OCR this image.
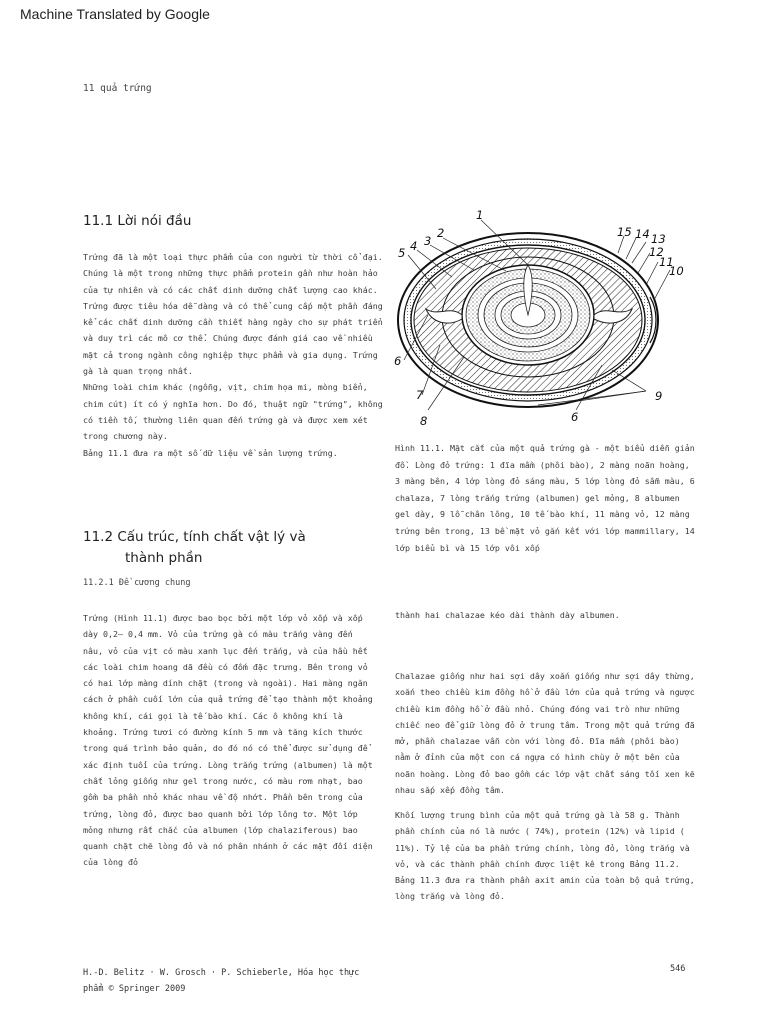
Machine Translated by Google
11 quả trứng
11.1 Lời nói đầu

Trứng đã là một loại thực phẩm của con người từ thời cổ đại. Chúng là một trong những thực phẩm protein gần như hoàn hảo của tự nhiên và có các chất dinh dưỡng chất lượng cao khác. Trứng được tiêu hóa dễ dàng và có thể cung cấp một phần đáng kể các chất dinh dưỡng cần thiết hàng ngày cho sự phát triển và duy trì các mô cơ thể. Chúng được đánh giá cao về nhiều mặt cả trong ngành công nghiệp thực phẩm và gia dụng. Trứng gà là quan trọng nhất.

Những loài chim khác (ngỗng, vịt, chim họa mi, mòng biển, chim cút) ít có ý nghĩa hơn. Do đó, thuật ngữ "trứng", không có tiền tố, thường liên quan đến trứng gà và được xem xét trong chương này.

Bảng 11.1 đưa ra một số dữ liệu về sản lượng trứng.

1
2
3
4
5
6
7
8	6
9
10
11
12
13
14
15
Hình 11.1. Mặt cắt của một quả trứng gà - một biểu diễn giản đồ. Lòng đỏ trứng: 1 đĩa mầm (phôi bào), 2 màng noãn hoàng, 3 màng bên, 4 lớp lòng đỏ sáng màu, 5 lớp lòng đỏ sẫm màu, 6 chalaza, 7 lòng trắng trứng (albumen) gel mỏng, 8 albumen gel dày, 9 lỗ chân lông, 10 tế bào khí, 11 màng vỏ, 12 màng trứng bên trong, 13 bề mặt vỏ gắn kết với lớp mammillary, 14 lớp biểu bì và 15 lớp vôi xốp
11.2 Cấu trúc, tính chất vật lý và
thành phần
11.2.1 Đề cương chung
Trứng (Hình 11.1) được bao bọc bởi một lớp vỏ xốp và xốp dày 0,2– 0,4 mm. Vỏ của trứng gà có màu trắng vàng đến nâu, vỏ của vịt có màu xanh lục đến trắng, và của hầu hết các loài chim hoang dã đều có đốm đặc trưng. Bên trong vỏ có hai lớp màng dính chặt (trong và ngoài). Hai màng ngăn cách ở phần cuối lớn của quả trứng để tạo thành một khoảng không khí, cái gọi là tế bào khí. Các ô không khí là khoảng. Trứng tươi có đường kính 5 mm và tăng kích thước trong quá trình bảo quản, do đó nó có thể được sử dụng để xác định tuổi của trứng. Lòng trắng trứng (albumen) là một chất lỏng giống như gel trong nước, có màu rơm nhạt, bao gồm ba phần nhỏ khác nhau về độ nhớt. Phần bên trong của trứng, lòng đỏ, được bao quanh bởi lớp lông tơ. Một lớp mỏng nhưng rất chắc của albumen (lớp chalaziferous) bao quanh chặt chẽ lòng đỏ và nó phân nhánh ở các mặt đối diện của lòng đỏ
thành hai chalazae kéo dài thành dày albumen.
Chalazae giống như hai sợi dây xoắn giống như sợi dây thừng, xoắn theo chiều kim đồng hồ ở đầu lớn của quả trứng và ngược chiều kim đồng hồ ở đầu nhỏ. Chúng đóng vai trò như những chiếc neo để giữ lòng đỏ ở trung tâm. Trong một quả trứng đã mở, phần chalazae vẫn còn với lòng đỏ. Đĩa mầm (phôi bào) nằm ở đỉnh của một con cá ngựa có hình chùy ở một bên của noãn hoàng. Lòng đỏ bao gồm các lớp vật chất sáng tối xen kẽ nhau sắp xếp đồng tâm.

Khối lượng trung bình của một quả trứng gà là 58 g. Thành phần chính của nó là nước ( 74%), protein (12%) và lipid ( 11%). Tỷ lệ của ba phần trứng chính, lòng đỏ, lòng trắng và vỏ, và các thành phần chính được liệt kê trong Bảng 11.2.

Bảng 11.3 đưa ra thành phần axit amin của toàn bộ quả trứng, lòng trắng và lòng đỏ.

H.-D. Belitz · W. Grosch · P. Schieberle, Hóa học thực
phẩm © Springer 2009
546
